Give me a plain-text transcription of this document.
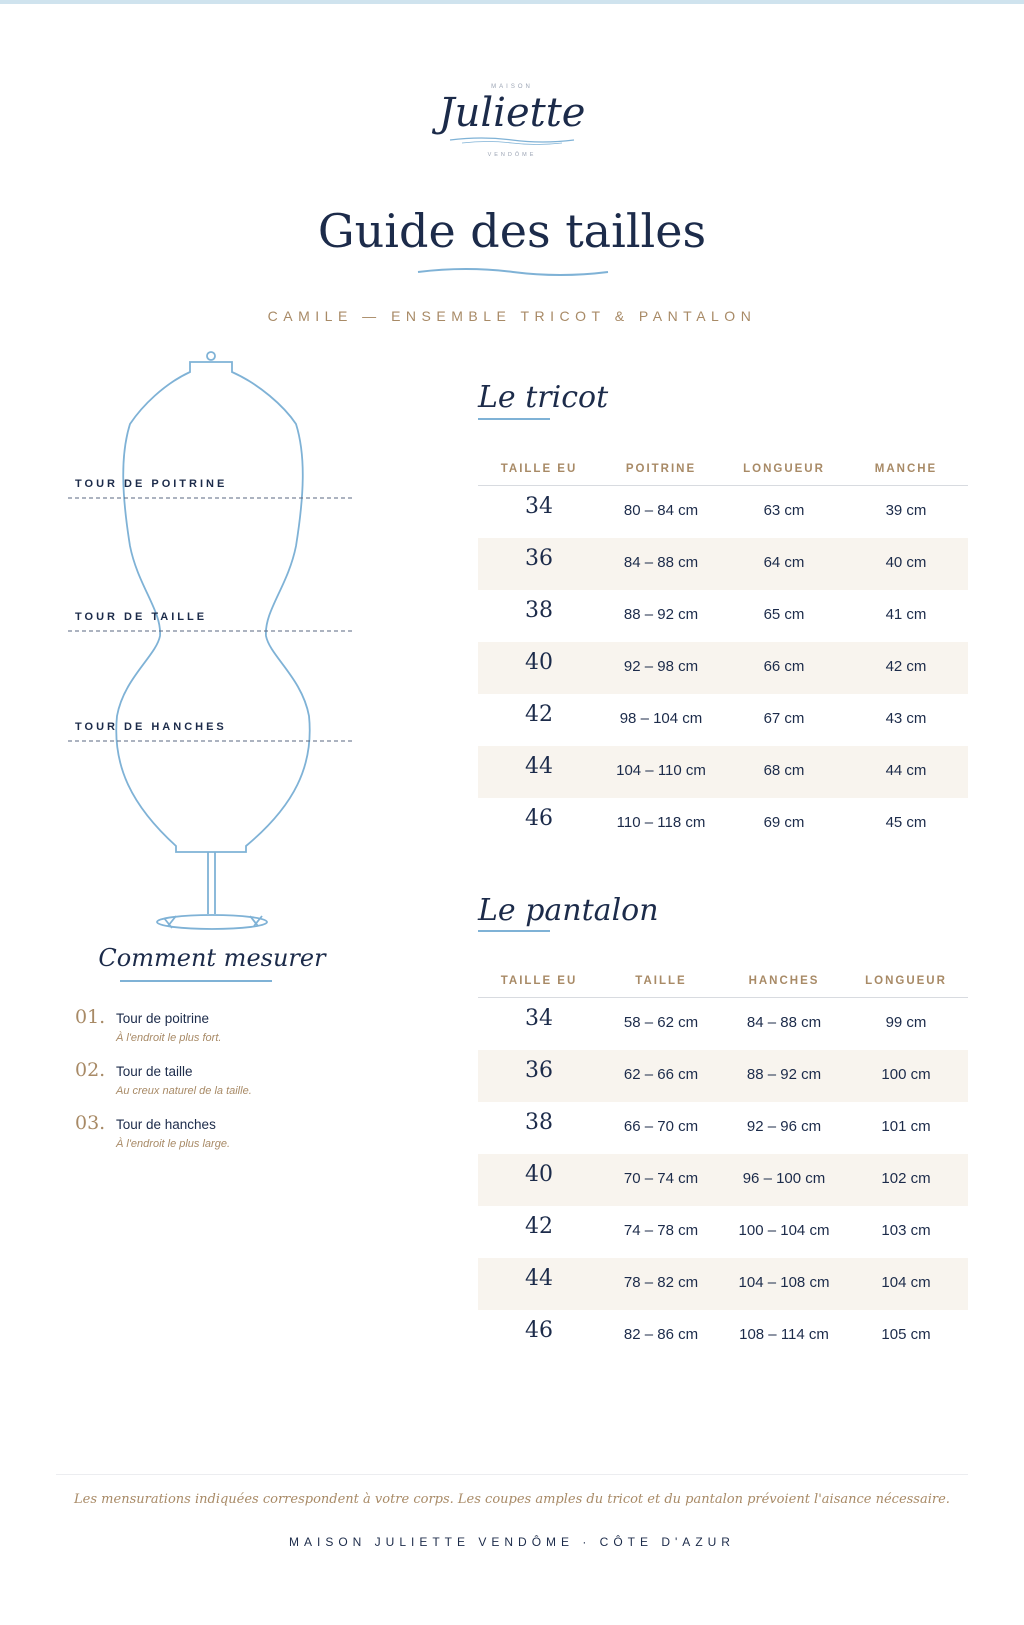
MAISON
Juliette
VENDÔME
Guide des tailles
CAMILE — ENSEMBLE TRICOT & PANTALON
TOUR DE POITRINE
TOUR DE TAILLE
TOUR DE HANCHES
Comment mesurer
01. Tour de poitrine
À l'endroit le plus fort.
02. Tour de taille
Au creux naturel de la taille.
03. Tour de hanches
À l'endroit le plus large.
Le tricot
TAILLE EU	POITRINE	LONGUEUR	MANCHE
34	80 – 84 cm	63 cm	39 cm
36	84 – 88 cm	64 cm	40 cm
38	88 – 92 cm	65 cm	41 cm
40	92 – 98 cm	66 cm	42 cm
42	98 – 104 cm	67 cm	43 cm
44	104 – 110 cm	68 cm	44 cm
46	110 – 118 cm	69 cm	45 cm
Le pantalon
TAILLE EU	TAILLE	HANCHES	LONGUEUR
34	58 – 62 cm	84 – 88 cm	99 cm
36	62 – 66 cm	88 – 92 cm	100 cm
38	66 – 70 cm	92 – 96 cm	101 cm
40	70 – 74 cm	96 – 100 cm	102 cm
42	74 – 78 cm	100 – 104 cm	103 cm
44	78 – 82 cm	104 – 108 cm	104 cm
46	82 – 86 cm	108 – 114 cm	105 cm
Les mensurations indiquées correspondent à votre corps. Les coupes amples du tricot et du pantalon prévoient l'aisance nécessaire.
MAISON JULIETTE VENDÔME · CÔTE D'AZUR
